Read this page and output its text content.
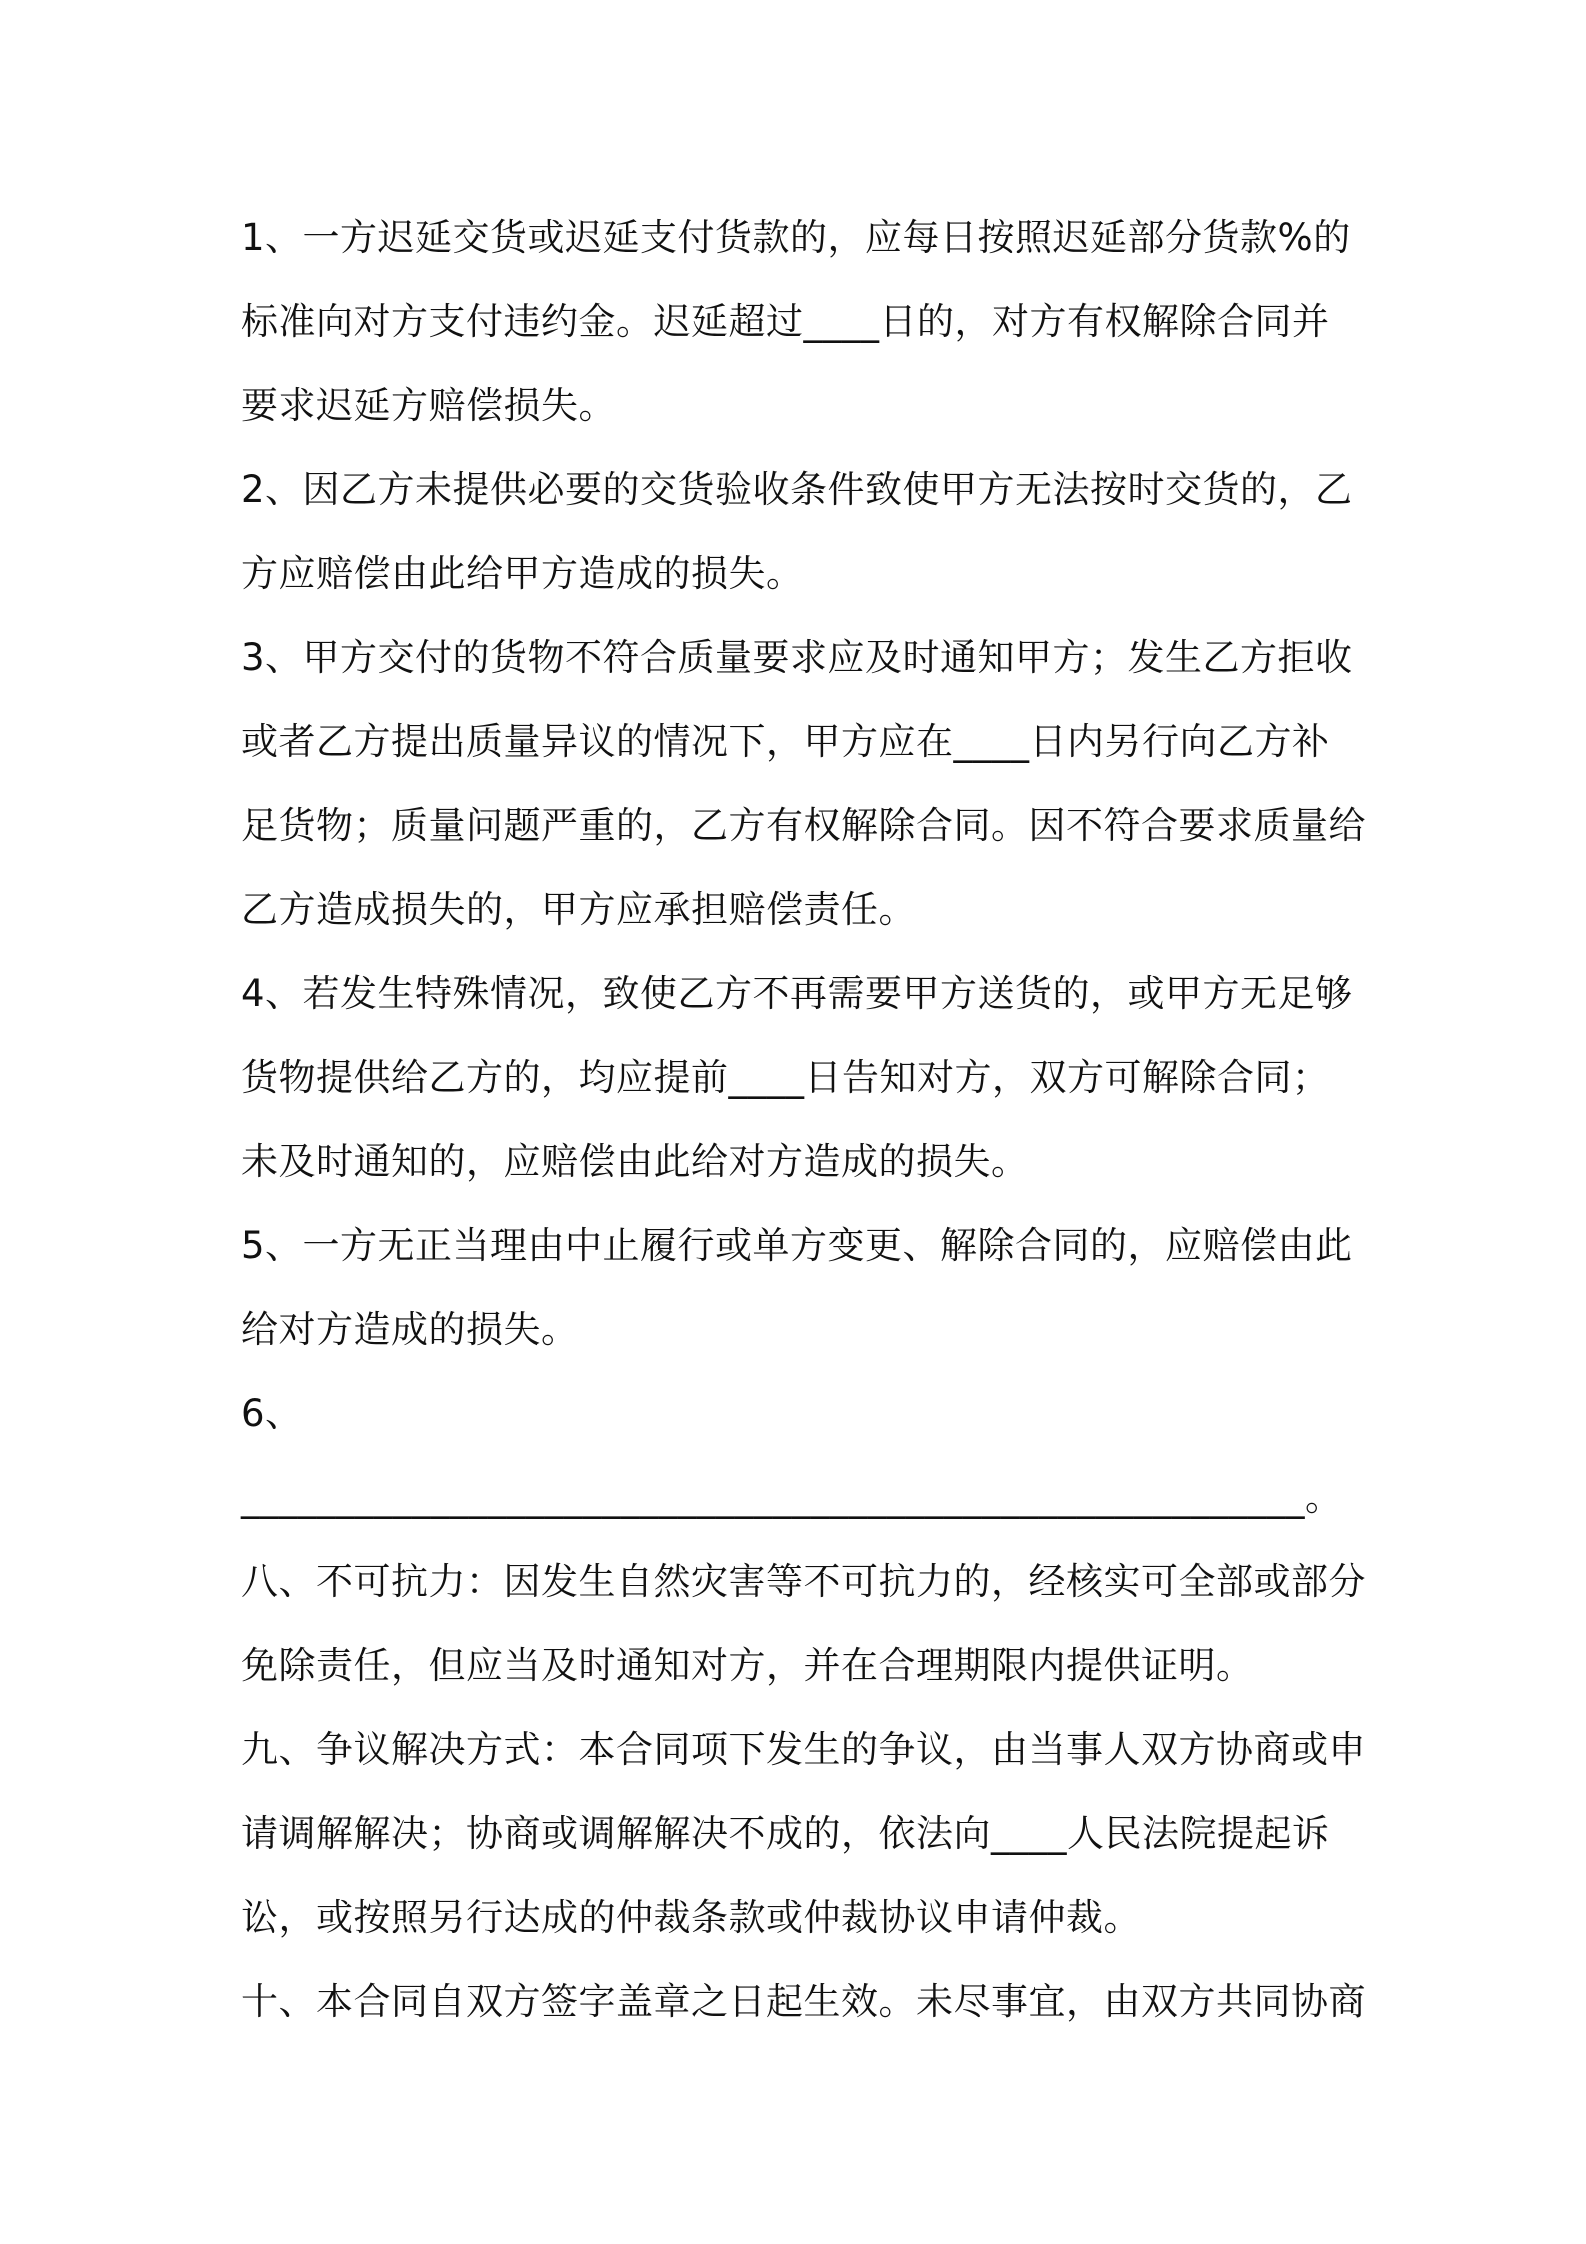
1、一方迟延交货或迟延支付货款的，应每日按照迟延部分货款%的
标准向对方支付违约金。迟延超过____日的，对方有权解除合同并
要求迟延方赔偿损失。
2、因乙方未提供必要的交货验收条件致使甲方无法按时交货的，乙
方应赔偿由此给甲方造成的损失。
3、甲方交付的货物不符合质量要求应及时通知甲方；发生乙方拒收
或者乙方提出质量异议的情况下，甲方应在____日内另行向乙方补
足货物；质量问题严重的，乙方有权解除合同。因不符合要求质量给
乙方造成损失的，甲方应承担赔偿责任。
4、若发生特殊情况，致使乙方不再需要甲方送货的，或甲方无足够
货物提供给乙方的，均应提前____日告知对方，双方可解除合同；
未及时通知的，应赔偿由此给对方造成的损失。
5、一方无正当理由中止履行或单方变更、解除合同的，应赔偿由此
给对方造成的损失。
6、
________________________________________________________。
八、不可抗力：因发生自然灾害等不可抗力的，经核实可全部或部分
免除责任，但应当及时通知对方，并在合理期限内提供证明。
九、争议解决方式：本合同项下发生的争议，由当事人双方协商或申
请调解解决；协商或调解解决不成的，依法向____人民法院提起诉
讼，或按照另行达成的仲裁条款或仲裁协议申请仲裁。
十、本合同自双方签字盖章之日起生效。未尽事宜，由双方共同协商
